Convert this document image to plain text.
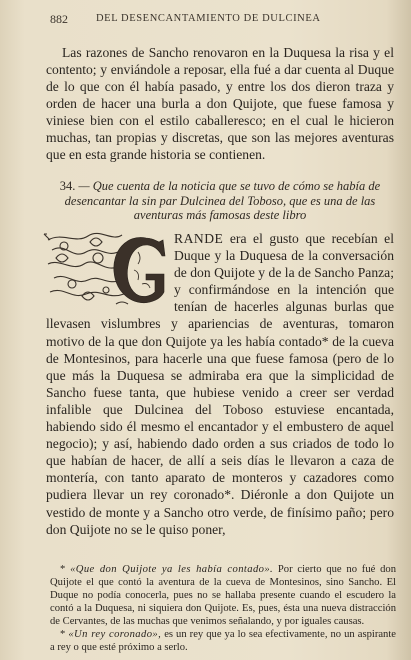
882	DEL DESENCANTAMIENTO DE DULCINEA
Las razones de Sancho renovaron en la Duquesa la risa y el contento; y enviándole a reposar, ella fué a dar cuenta al Duque de lo que con él había pasado, y entre los dos dieron traza y orden de hacer una burla a don Quijote, que fuese famosa y viniese bien con el estilo caballeresco; en el cual le hicieron muchas, tan propias y discretas, que son las mejores aventuras que en esta grande historia se contienen.
34. — Que cuenta de la noticia que se tuvo de cómo se había de desencantar la sin par Dulcinea del Toboso, que es una de las aventuras más famosas deste libro
RANDE era el gusto que recebían el Duque y la Duquesa de la conversación de don Quijote y de la de Sancho Panza; y confirmándose en la intención que tenían de hacerles algunas burlas que llevasen vislumbres y apariencias de aventuras, tomaron motivo de la que don Quijote ya les había contado* de la cueva de Montesinos, para hacerle una que fuese famosa (pero de lo que más la Duquesa se admiraba era que la simplicidad de Sancho fuese tanta, que hubiese venido a creer ser verdad infalible que Dulcinea del Toboso estuviese encantada, habiendo sido él mesmo el encantador y el embustero de aquel negocio); y así, habiendo dado orden a sus criados de todo lo que habían de hacer, de allí a seis días le llevaron a caza de montería, con tanto aparato de monteros y cazadores como pudiera llevar un rey coronado*. Diéronle a don Quijote un vestido de monte y a Sancho otro verde, de finísimo paño; pero don Quijote no se le quiso poner,

* «Que don Quijote ya les había contado». Por cierto que no fué don Quijote el que contó la aventura de la cueva de Montesinos, sino Sancho. El Duque no podía conocerla, pues no se hallaba presente cuando el escudero la contó a la Duquesa, ni siquiera don Quijote. Es, pues, ésta una nueva distracción de Cervantes, de las muchas que venimos señalando, y por iguales causas.

* «Un rey coronado», es un rey que ya lo sea efectivamente, no un aspirante a rey o que esté próximo a serlo.
